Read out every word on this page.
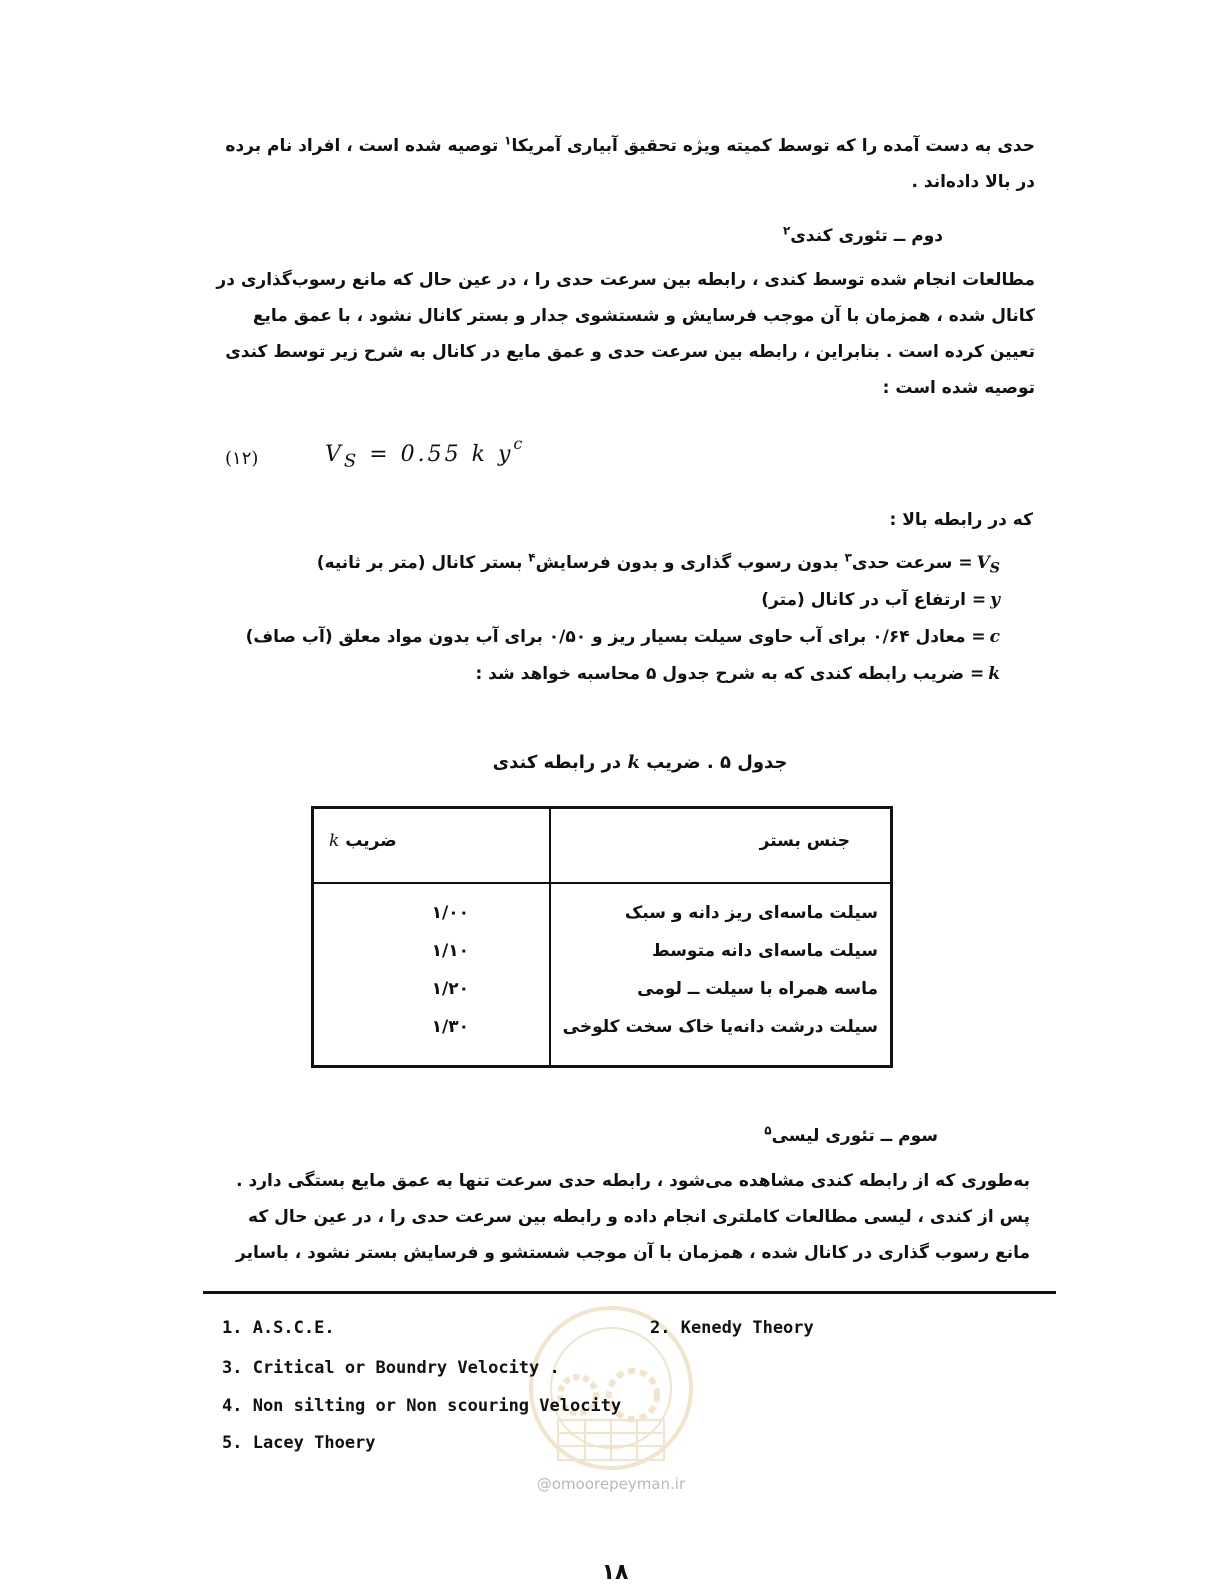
حدی به دست آمده را که توسط کمیته ویژه تحقیق آبیاری آمریکا$^۱$ توصیه شده است ، افراد نام برده در بالا داده‌اند .
دوم ــ تئوری کندی$^۲$
مطالعات انجام شده توسط کندی ، رابطه بین سرعت حدی را ، در عین حال که مانع رسوب‌گذاری در کانال شده ، همزمان با آن موجب فرسایش و شستشوی جدار و بستر کانال نشود ، با عمق مایع تعیین کرده است . بنابراین ، رابطه بین سرعت حدی و عمق مایع در کانال به شرح زیر توسط کندی توصیه شده است :
(۱۲)	$V_S = 0.55$ k $y^c$
که در رابطه بالا :
$V_S=$ سرعت حدی$^۳$ بدون رسوب گذاری و بدون فرسایش$^۴$ بستر کانال (متر بر ثانیه)
y= ارتفاع آب در کانال (متر)
c= معادل ۰/۶۴ برای آب حاوی سیلت بسیار ریز و ۰/۵۰ برای آب بدون مواد معلق (آب صاف)
k= ضریب رابطه کندی که به شرح جدول ۵ محاسبه خواهد شد :
جدول ۵ . ضریب k در رابطه کندی
جنس بستر
ضریب k
سیلت ماسه‌ای ریز دانه و سبک
۱/۰۰
سیلت ماسه‌ای دانه متوسط
۱/۱۰
ماسه همراه با سیلت ــ لومی
۱/۲۰
سیلت درشت دانه‌یا خاک سخت کلوخی
۱/۳۰
سوم ــ تئوری لیسی$^۵$
به‌طوری که از رابطه کندی مشاهده می‌شود ، رابطه حدی سرعت تنها به عمق مایع بستگی دارد . پس از کندی ، لیسی مطالعات کاملتری انجام داده و رابطه بین سرعت حدی را ، در عین حال که مانع رسوب گذاری در کانال شده ، همزمان با آن موجب شستشو و فرسایش بستر نشود ، باسایر
@omoorepeyman.ir
1. A.S.C.E.	2. Kenedy Theory
3. Critical or Boundry Velocity .
4. Non silting or Non scouring Velocity
5. Lacey Thoery
۱۸
